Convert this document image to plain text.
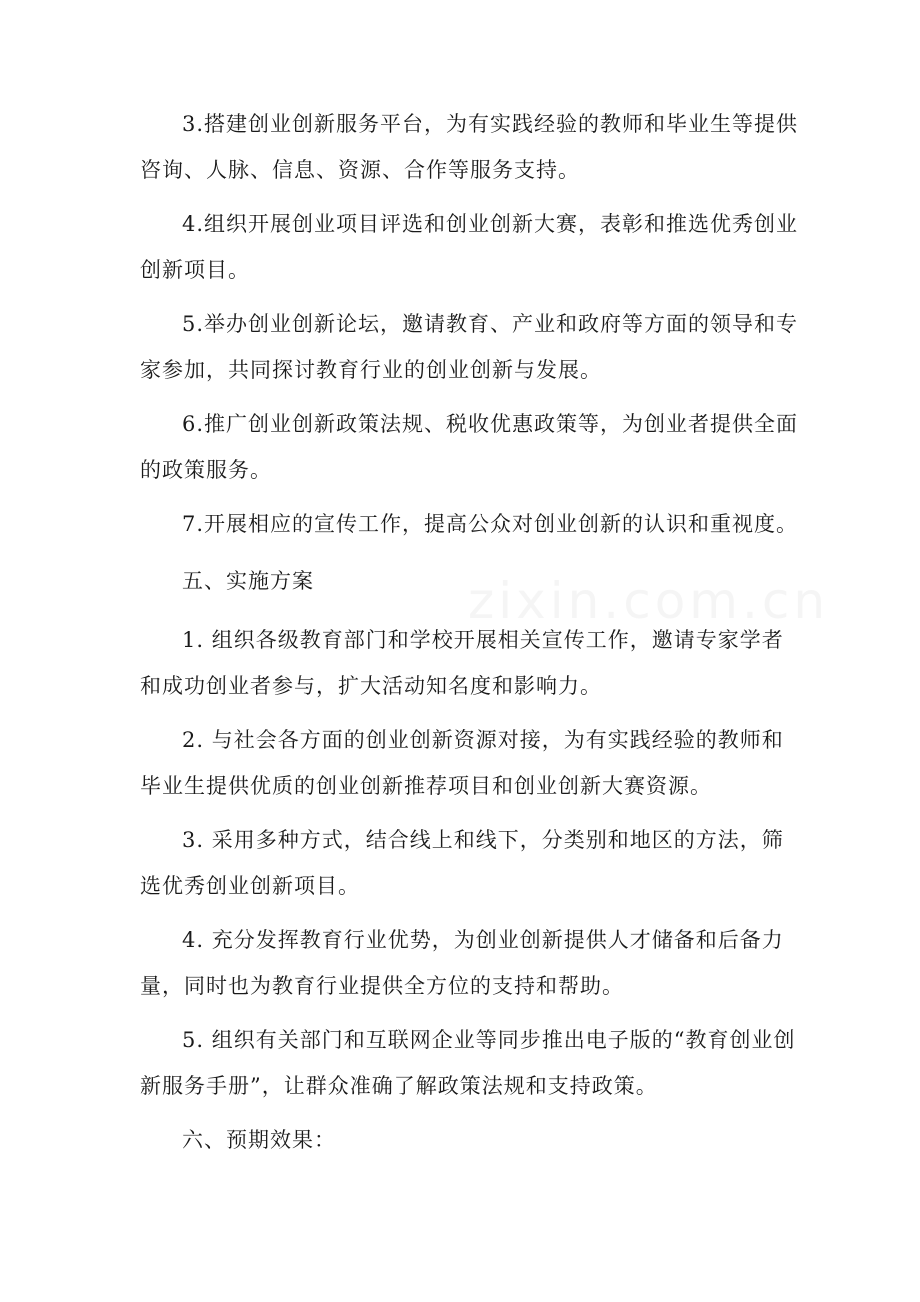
3.搭建创业创新服务平台，为有实践经验的教师和毕业生等提供咨询、人脉、信息、资源、合作等服务支持。

4.组织开展创业项目评选和创业创新大赛，表彰和推选优秀创业创新项目。

5.举办创业创新论坛，邀请教育、产业和政府等方面的领导和专家参加，共同探讨教育行业的创业创新与发展。

6.推广创业创新政策法规、税收优惠政策等，为创业者提供全面的政策服务。

7.开展相应的宣传工作，提高公众对创业创新的认识和重视度。

五、实施方案

1. 组织各级教育部门和学校开展相关宣传工作，邀请专家学者和成功创业者参与，扩大活动知名度和影响力。

2. 与社会各方面的创业创新资源对接，为有实践经验的教师和毕业生提供优质的创业创新推荐项目和创业创新大赛资源。

3. 采用多种方式，结合线上和线下，分类别和地区的方法，筛选优秀创业创新项目。

4. 充分发挥教育行业优势，为创业创新提供人才储备和后备力量，同时也为教育行业提供全方位的支持和帮助。

5. 组织有关部门和互联网企业等同步推出电子版的“教育创业创新服务手册”，让群众准确了解政策法规和支持政策。

六、预期效果：

zixin.com.cn
